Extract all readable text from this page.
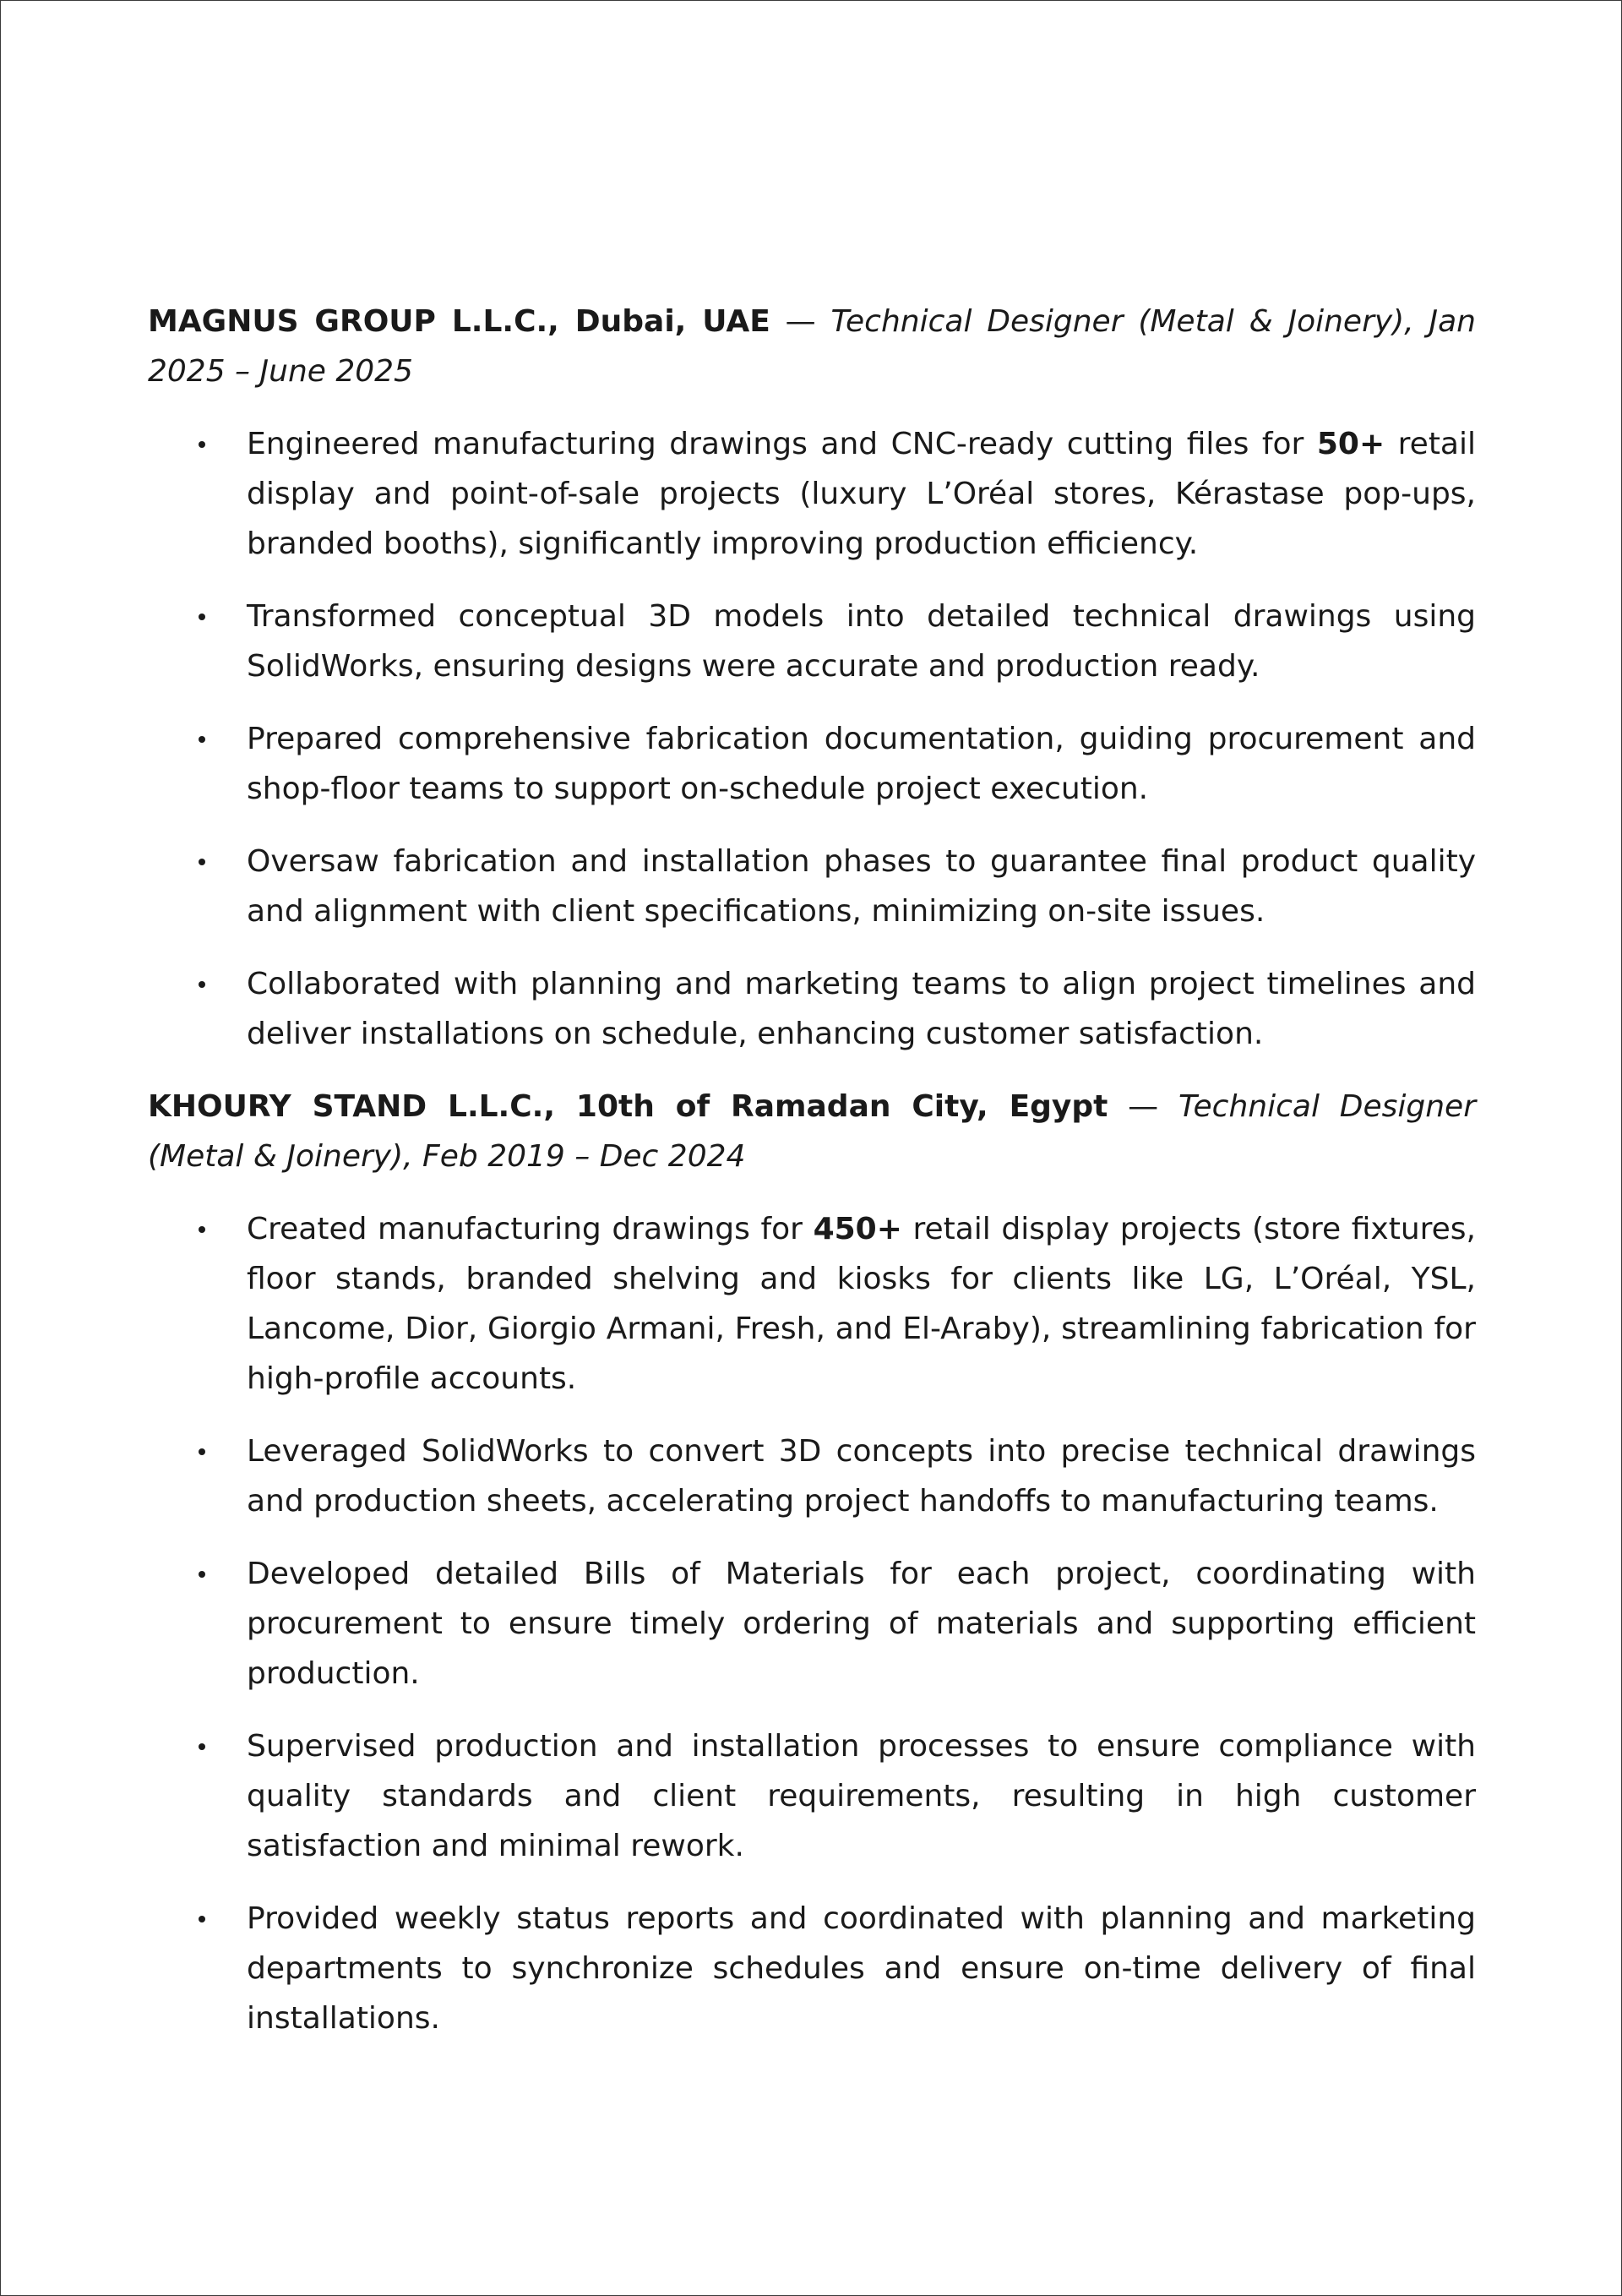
MAGNUS GROUP L.L.C., Dubai, UAE — Technical Designer (Metal & Joinery), Jan 2025 – June 2025

Engineered manufacturing drawings and CNC-ready cutting files for 50+ retail display and point-of-sale projects (luxury L’Oréal stores, Kérastase pop-ups, branded booths), significantly improving production efficiency.
Transformed conceptual 3D models into detailed technical drawings using SolidWorks, ensuring designs were accurate and production ready.
Prepared comprehensive fabrication documentation, guiding procurement and shop-floor teams to support on-schedule project execution.
Oversaw fabrication and installation phases to guarantee final product quality and alignment with client specifications, minimizing on-site issues.
Collaborated with planning and marketing teams to align project timelines and deliver installations on schedule, enhancing customer satisfaction.

KHOURY STAND L.L.C., 10th of Ramadan City, Egypt — Technical Designer (Metal & Joinery), Feb 2019 – Dec 2024

Created manufacturing drawings for 450+ retail display projects (store fixtures, floor stands, branded shelving and kiosks for clients like LG, L’Oréal, YSL, Lancome, Dior, Giorgio Armani, Fresh, and El-Araby), streamlining fabrication for high-profile accounts.
Leveraged SolidWorks to convert 3D concepts into precise technical drawings and production sheets, accelerating project handoffs to manufacturing teams.
Developed detailed Bills of Materials for each project, coordinating with procurement to ensure timely ordering of materials and supporting efficient production.
Supervised production and installation processes to ensure compliance with quality standards and client requirements, resulting in high customer satisfaction and minimal rework.
Provided weekly status reports and coordinated with planning and marketing departments to synchronize schedules and ensure on-time delivery of final installations.
